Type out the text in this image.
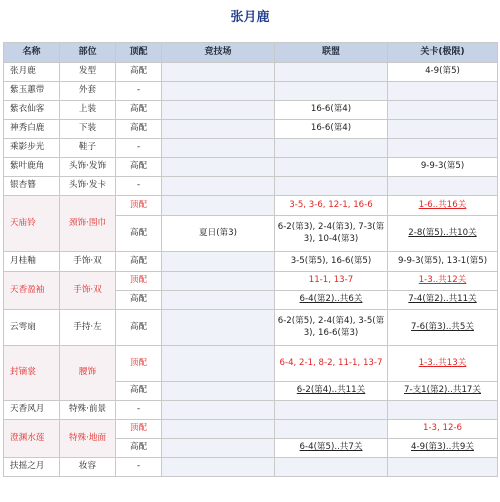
张月鹿
名称	部位	顶配	竞技场	联盟	关卡(极限)
张月鹿	发型	高配			4-9(第5)
紫玉蕙带	外套	-			
紫衣仙客	上装	高配		16-6(第4)	
神秀白鹿	下装	高配		16-6(第4)	
乘影步光	鞋子	-			
紫叶鹿角	头饰·发饰	高配			9-9-3(第5)
银杏簪	头饰·发卡	-			
天庙铃	颈饰·围巾	顶配		3-5, 3-6, 12-1, 16-6	1-6..共16关
		高配	夏日(第3)	6-2(第3), 2-4(第3), 7-3(第3), 10-4(第3)	2-8(第5)..共10关
月桂釉	手饰·双	高配		3-5(第5), 16-6(第5)	9-9-3(第5), 13-1(第5)
天香盈袖	手饰·双	顶配		11-1, 13-7	1-3..共12关
		高配		6-4(第2)..共6关	7-4(第2)..共11关
云雩扇	手持·左	高配		6-2(第5), 2-4(第4), 3-5(第3), 16-6(第3)	7-6(第3)..共5关
封镝裳	腰饰	顶配		6-4, 2-1, 8-2, 11-1, 13-7	1-3..共13关
		高配		6-2(第4)..共11关	7-支1(第2)..共17关
天香风月	特殊·前景	-			
澄渊水莲	特殊·地面	顶配			1-3, 12-6
		高配		6-4(第5)..共7关	4-9(第3)..共9关
扶摇之月	妆容	-			
